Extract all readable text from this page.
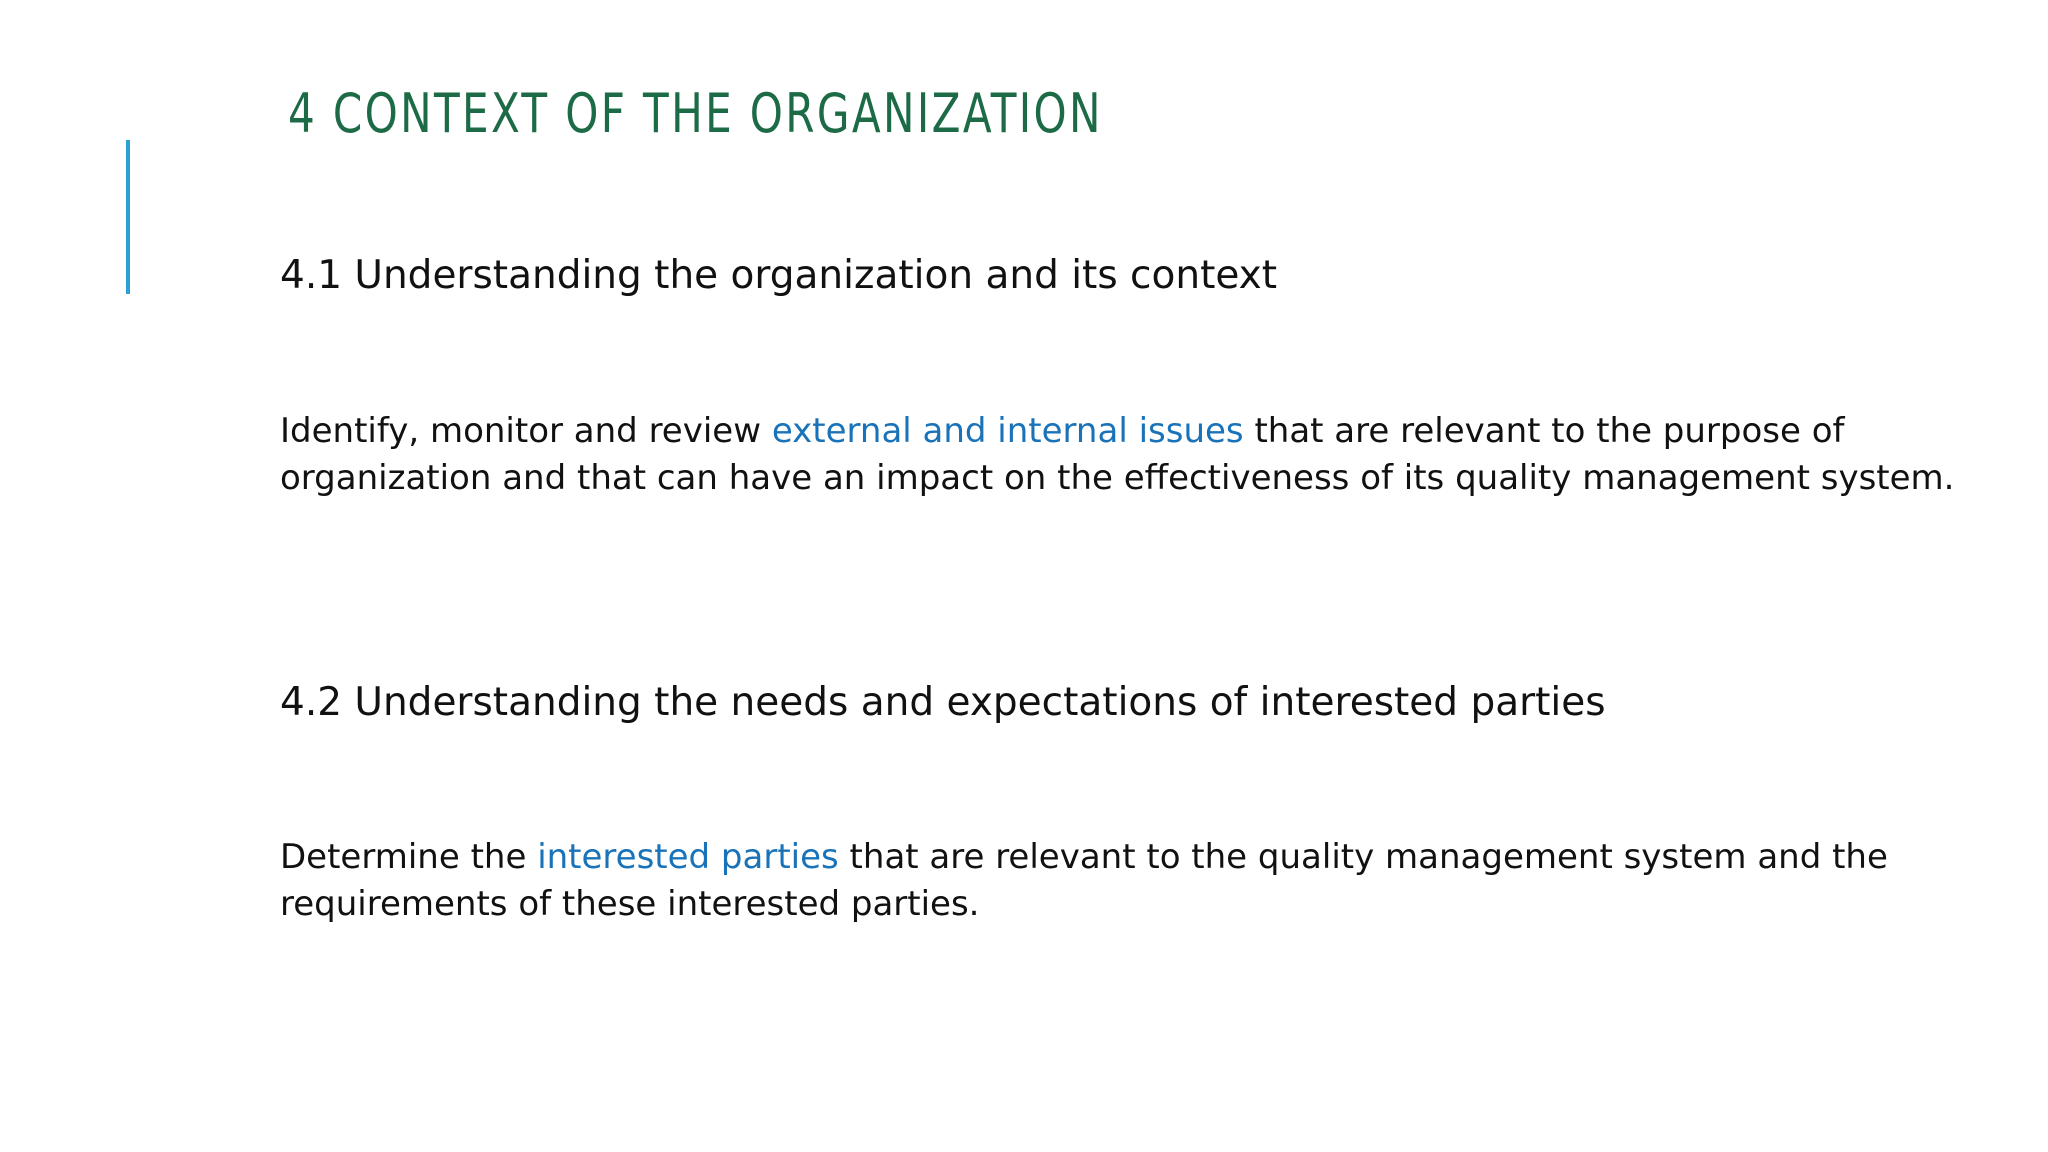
4 CONTEXT OF THE ORGANIZATION
4.1 Understanding the organization and its context

Identify, monitor and review external and internal issues that are relevant to the purpose of
organization and that can have an impact on the effectiveness of its quality management system.

4.2 Understanding the needs and expectations of interested parties

Determine the interested parties that are relevant to the quality management system and the
requirements of these interested parties.
